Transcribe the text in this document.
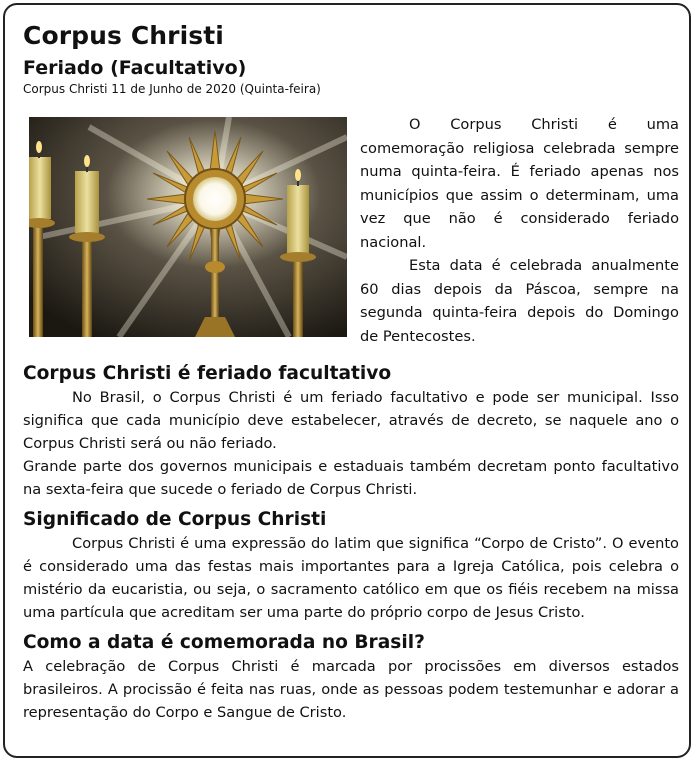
Corpus Christi
Feriado (Facultativo)
Corpus Christi 11 de Junho de 2020 (Quinta-feira)

O Corpus Christi é uma comemoração religiosa celebrada sempre numa quinta-feira. É feriado apenas nos municípios que assim o determinam, uma vez que não é considerado feriado nacional.

Esta data é celebrada anualmente 60 dias depois da Páscoa, sempre na segunda quinta-feira depois do Domingo de Pentecostes.

Corpus Christi é feriado facultativo

No Brasil, o Corpus Christi é um feriado facultativo e pode ser municipal. Isso significa que cada município deve estabelecer, através de decreto, se naquele ano o Corpus Christi será ou não feriado.

Grande parte dos governos municipais e estaduais também decretam ponto facultativo na sexta-feira que sucede o feriado de Corpus Christi.

Significado de Corpus Christi

Corpus Christi é uma expressão do latim que significa “Corpo de Cristo”. O evento é considerado uma das festas mais importantes para a Igreja Católica, pois celebra o mistério da eucaristia, ou seja, o sacramento católico em que os fiéis recebem na missa uma partícula que acreditam ser uma parte do próprio corpo de Jesus Cristo.

Como a data é comemorada no Brasil?

A celebração de Corpus Christi é marcada por procissões em diversos estados brasileiros. A procissão é feita nas ruas, onde as pessoas podem testemunhar e adorar a representação do Corpo e Sangue de Cristo.
